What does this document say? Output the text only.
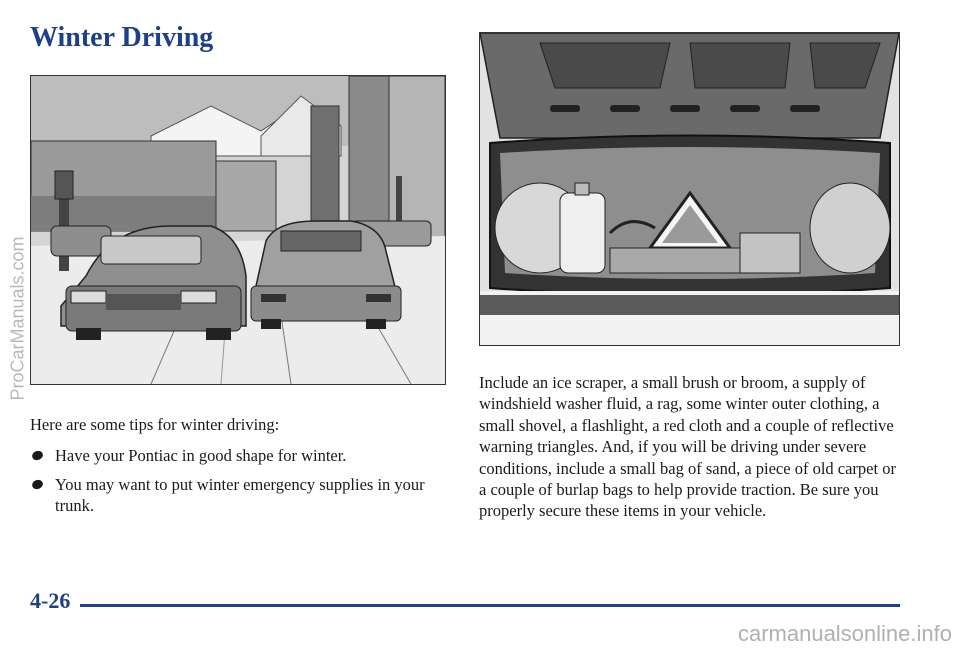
Winter Driving

Here are some tips for winter driving:

Have your Pontiac in good shape for winter.
You may want to put winter emergency supplies in your trunk.

Include an ice scraper, a small brush or broom, a supply of windshield washer fluid, a rag, some winter outer clothing, a small shovel, a flashlight, a red cloth and a couple of reflective warning triangles. And, if you will be driving under severe conditions, include a small bag of sand, a piece of old carpet or a couple of burlap bags to help provide traction. Be sure you properly secure these items in your vehicle.

4-26
ProCarManuals.com
carmanualsonline.info
